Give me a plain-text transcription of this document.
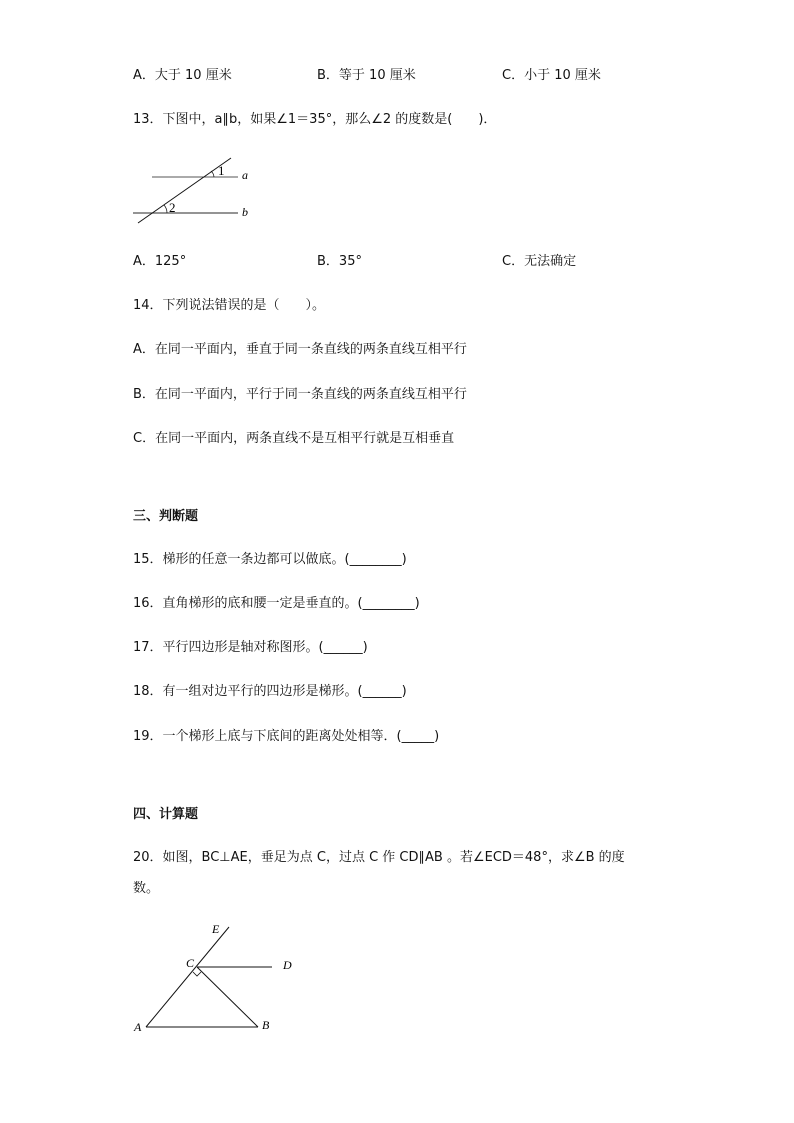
A．大于 10 厘米	B．等于 10 厘米	C．小于 10 厘米
13．下图中，a∥b，如果∠1＝35°，那么∠2 的度数是(　　)．
1
2
a
b
E
C	D
A	B
A．125°	B．35°	C．无法确定
14．下列说法错误的是（　　）。
A．在同一平面内，垂直于同一条直线的两条直线互相平行
B．在同一平面内，平行于同一条直线的两条直线互相平行
C．在同一平面内，两条直线不是互相平行就是互相垂直
三、判断题
15．梯形的任意一条边都可以做底。(________)
16．直角梯形的底和腰一定是垂直的。(________)
17．平行四边形是轴对称图形。(______)
18．有一组对边平行的四边形是梯形。(______)
19．一个梯形上底与下底间的距离处处相等．(_____)
四、计算题
20．如图，BC⊥AE，垂足为点 C，过点 C 作 CD∥AB 。若∠ECD＝48°，求∠B 的度
数。
